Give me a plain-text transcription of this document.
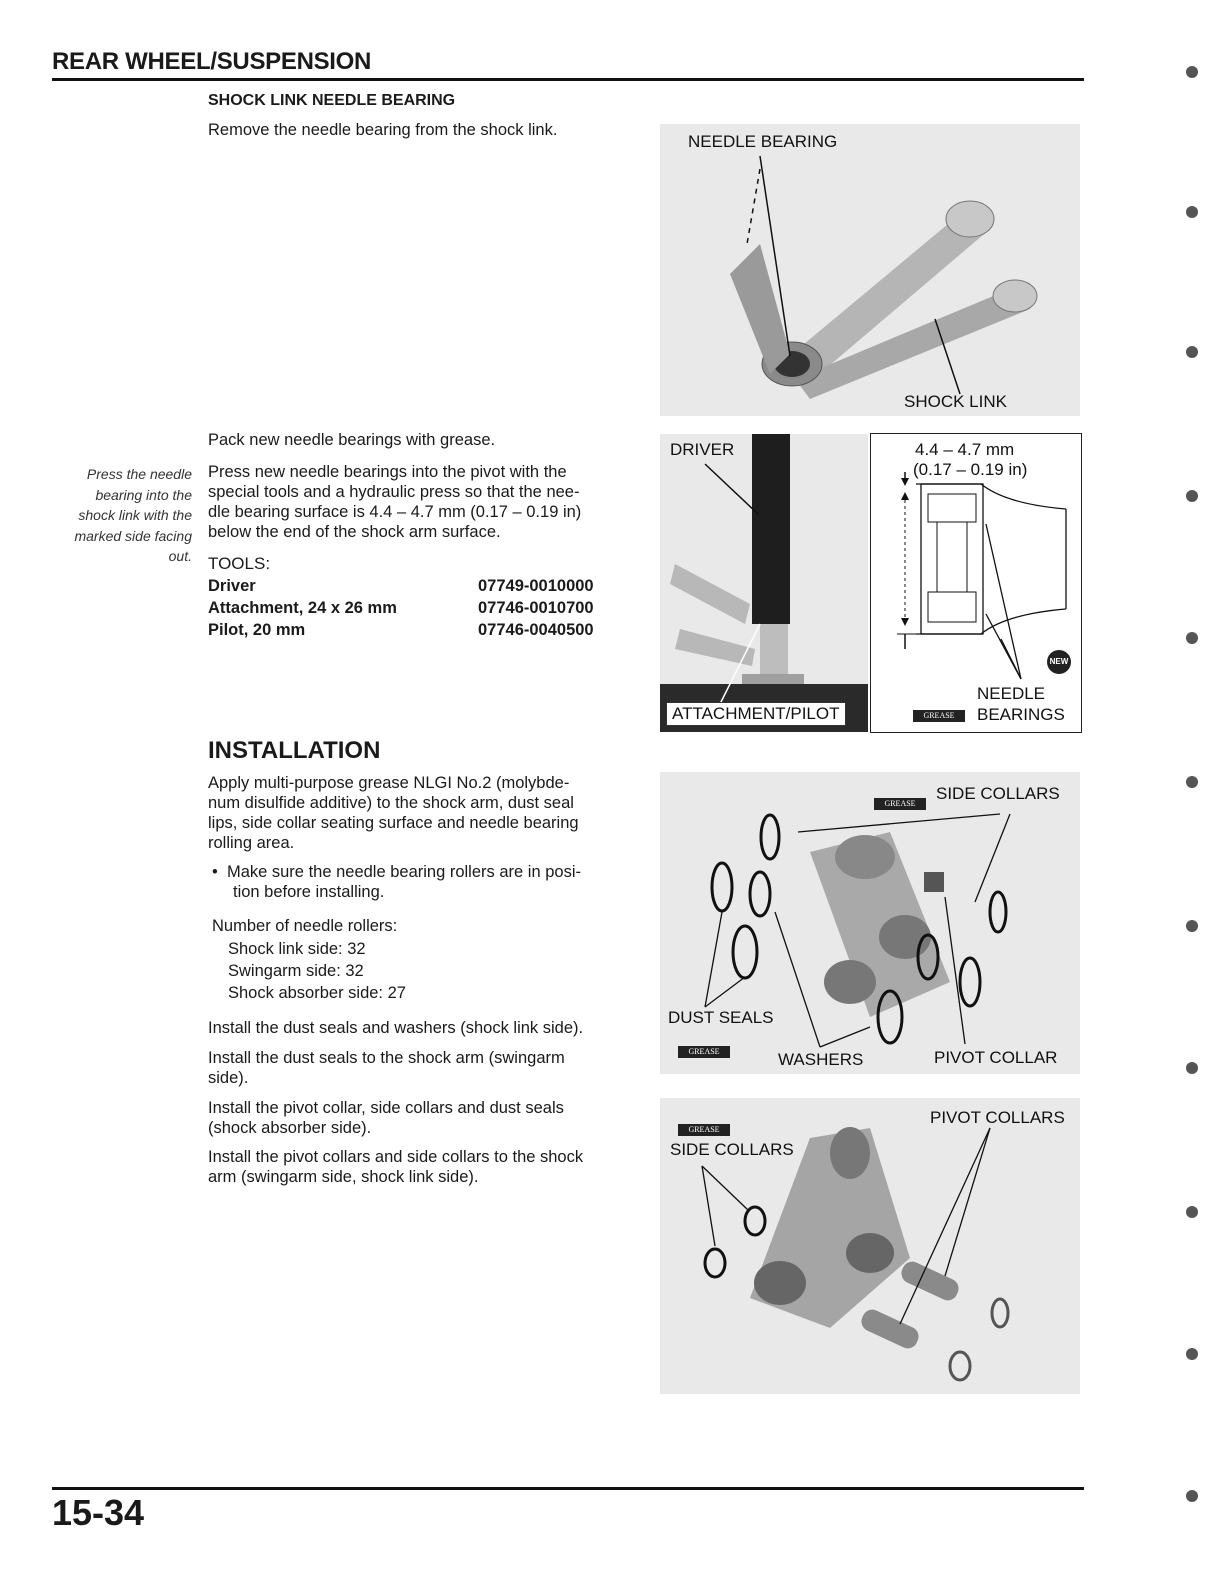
REAR WHEEL/SUSPENSION
SHOCK LINK NEEDLE BEARING
Remove the needle bearing from the shock link.
Pack new needle bearings with grease.
Press new needle bearings into the pivot with the
special tools and a hydraulic press so that the nee-
dle bearing surface is 4.4 – 4.7 mm (0.17 – 0.19 in)
below the end of the shock arm surface.
Press the needle
bearing into the
shock link with the
marked side facing
out. TOOLS:
Driver	07749-0010000
Attachment, 24 x 26 mm	07746-0010700
Pilot, 20 mm	07746-0040500
INSTALLATION
Apply multi-purpose grease NLGI No.2 (molybde-
num disulfide additive) to the shock arm, dust seal
lips, side collar seating surface and needle bearing
rolling area.
•  Make sure the needle bearing rollers are in posi-
tion before installing.
Number of needle rollers:
Shock link side: 32
Swingarm side: 32
Shock absorber side: 27
Install the dust seals and washers (shock link side).
Install the dust seals to the shock arm (swingarm
side).
Install the pivot collar, side collars and dust seals
(shock absorber side).
Install the pivot collars and side collars to the shock
arm (swingarm side, shock link side).
NEEDLE BEARING
SHOCK LINK
DRIVER
ATTACHMENT/PILOT
4.4 – 4.7 mm
(0.17 – 0.19 in)
NEW
NEEDLE
BEARINGS
GREASE
GREASE
SIDE COLLARS
DUST SEALS
GREASE	WASHERS	PIVOT COLLAR
GREASE
SIDE COLLARS
PIVOT COLLARS
15-34
